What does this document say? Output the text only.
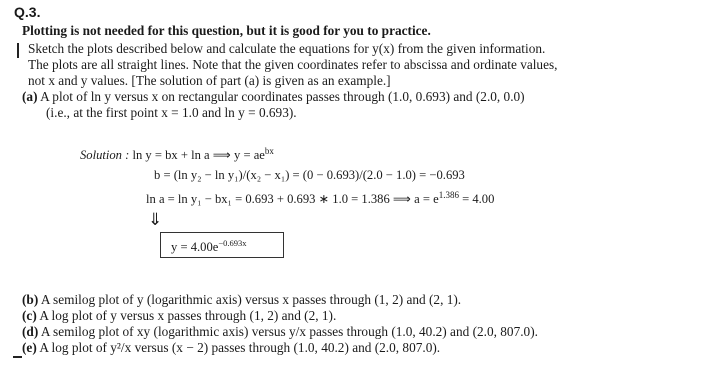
Q.3.
Plotting is not needed for this question, but it is good for you to practice.
Sketch the plots described below and calculate the equations for y(x) from the given information.
The plots are all straight lines. Note that the given coordinates refer to abscissa and ordinate values,
not x and y values. [The solution of part (a) is given as an example.]
(a) A plot of ln y versus x on rectangular coordinates passes through (1.0, 0.693) and (2.0, 0.0)
(i.e., at the first point x = 1.0 and ln y = 0.693).
Solution : ln y = bx + ln a ⟹ $y = ae^{bx}$
b = (ln y₂ − ln y₁)/(x₂ − x₁) = (0 − 0.693)/(2.0 − 1.0) = −0.693
ln a = ln y₁ − bx₁ = 0.693 + 0.693 ∗ 1.0 = 1.386 ⟹ $a = e^{1.386} = 4.00$
⇓
$y = 4.00e^{-0.693x}$
(b) A semilog plot of y (logarithmic axis) versus x passes through (1, 2) and (2, 1).
(c) A log plot of y versus x passes through (1, 2) and (2, 1).
(d) A semilog plot of xy (logarithmic axis) versus y/x passes through (1.0, 40.2) and (2.0, 807.0).
(e) A log plot of y²/x versus (x − 2) passes through (1.0, 40.2) and (2.0, 807.0).
